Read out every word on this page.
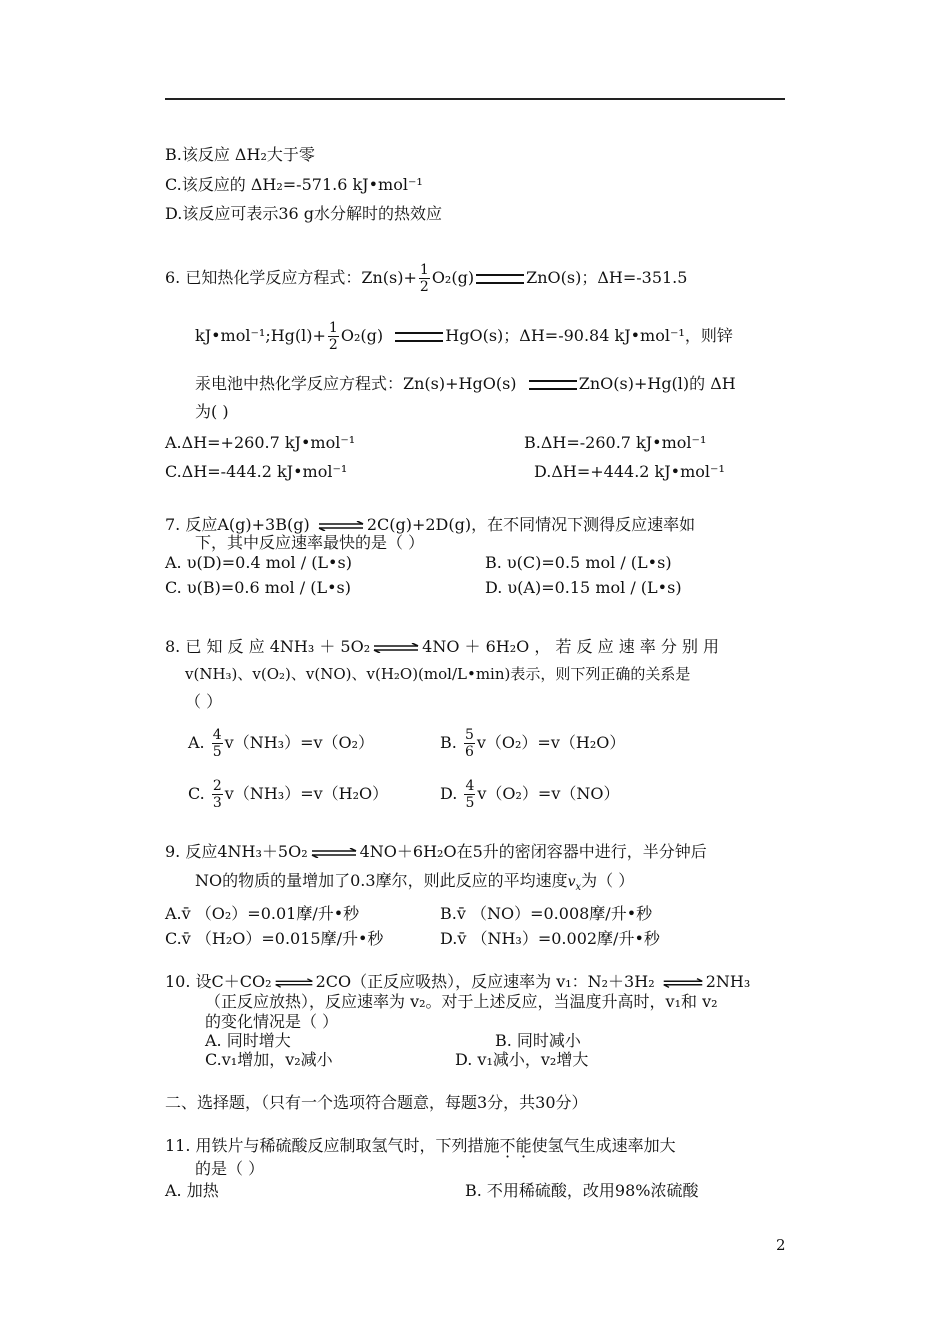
B.该反应 ΔH₂大于零
C.该反应的 ΔH₂=-571.6 kJ•mol⁻¹
D.该反应可表示36 g水分解时的热效应
6. 已知热化学反应方程式：$Zn(s)+ \frac{1}{2} O_2(g)$	ZnO(s)；ΔH=-351.5
kJ•mol⁻¹;Hg(l)+ $\frac{1}{2} O_2(g)$	HgO(s)；ΔH=-90.84 kJ•mol⁻¹，则锌
汞电池中热化学反应方程式：Zn(s)+HgO(s)	ZnO(s)+Hg(l)的 ΔH
为( )
A.ΔH=+260.7 kJ•mol⁻¹	B.ΔH=-260.7 kJ•mol⁻¹
C.ΔH=-444.2 kJ•mol⁻¹	D.ΔH=+444.2 kJ•mol⁻¹
7. 反应A(g)+3B(g)	2C(g)+2D(g)，在不同情况下测得反应速率如
下，其中反应速率最快的是（ ）
A. υ(D)=0.4 mol / (L•s)	B. υ(C)=0.5 mol / (L•s)
C. υ(B)=0.6 mol / (L•s)	D. υ(A)=0.15 mol / (L•s)
8. 已 知 反 应 4NH₃ ＋ 5O₂	4NO ＋ 6H₂O ， 若 反 应 速 率 分 别 用
v(NH₃)、v(O₂)、v(NO)、v(H₂O)(mol/L•min)表示，则下列正确的关系是
（ ）
A. $\frac{4}{5} v(NH_3)=v(O_2)$	B. $\frac{5}{6} v(O_2)=v(H_2O)$
C. $\frac{2}{3} v(NH_3)=v(H_2O)$	D. $\frac{4}{5} v(O_2)=v(NO)$
9. 反应4NH₃＋5O₂	4NO＋6H₂O在5升的密闭容器中进行，半分钟后
NO的物质的量增加了0.3摩尔，则此反应的平均速度$v_x$为（ ）
A.v̄ （O₂）=0.01摩/升•秒	B.v̄ （NO）=0.008摩/升•秒
C.v̄ （H₂O）=0.015摩/升•秒	D.v̄ （NH₃）=0.002摩/升•秒
10. 设C＋CO₂	2CO（正反应吸热），反应速率为 v₁：N₂＋3H₂	2NH₃
（正反应放热），反应速率为 v₂。对于上述反应，当温度升高时，v₁和 v₂
的变化情况是（ ）
A. 同时增大	B. 同时减小
C.v₁增加，v₂减小	D. v₁减小，v₂增大
二、选择题，（只有一个选项符合题意，每题3分，共30分）
11. 用铁片与稀硫酸反应制取氢气时，下列措施不能使氢气生成速率加大
的是（ ）
A. 加热	B. 不用稀硫酸，改用98%浓硫酸
2
